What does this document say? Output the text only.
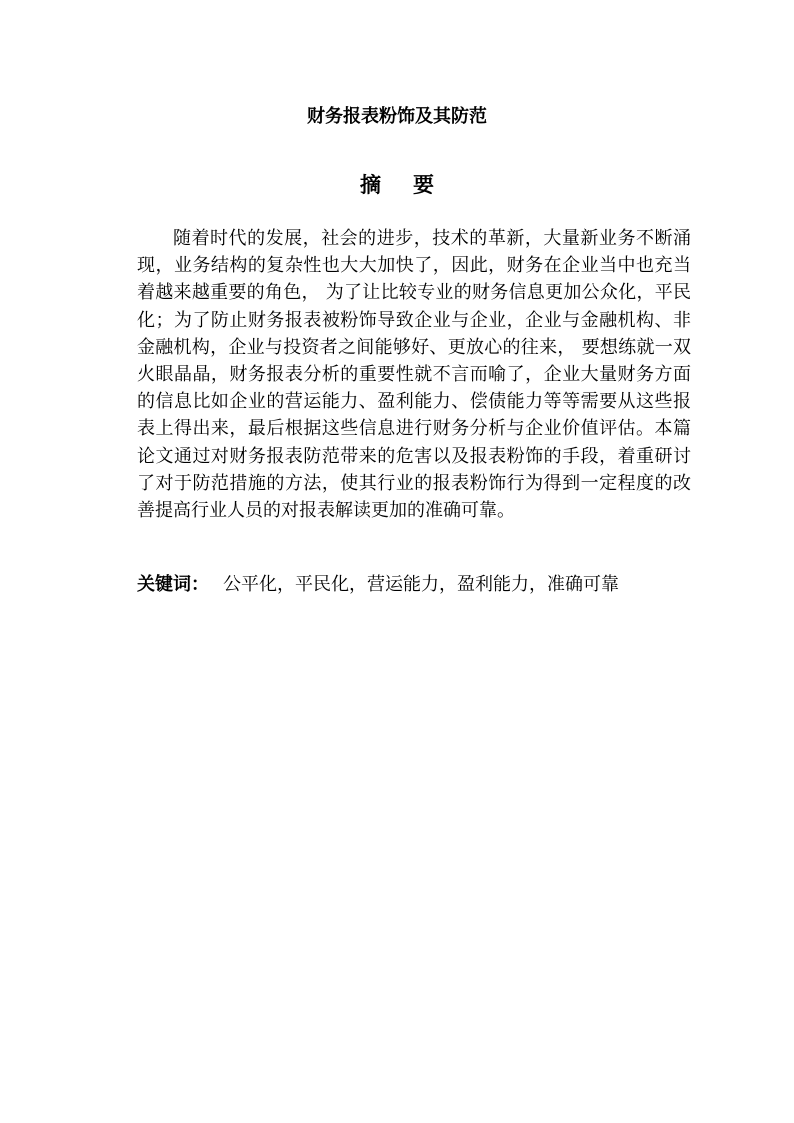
财务报表粉饰及其防范
摘要

随着时代的发展，社会的进步，技术的革新，大量新业务不断涌现，业务结构的复杂性也大大加快了，因此，财务在企业当中也充当着越来越重要的角色， 为了让比较专业的财务信息更加公众化，平民化；为了防止财务报表被粉饰导致企业与企业，企业与金融机构、非金融机构，企业与投资者之间能够好、更放心的往来， 要想练就一双火眼晶晶，财务报表分析的重要性就不言而喻了，企业大量财务方面的信息比如企业的营运能力、盈利能力、偿债能力等等需要从这些报表上得出来，最后根据这些信息进行财务分析与企业价值评估。本篇论文通过对财务报表防范带来的危害以及报表粉饰的手段，着重研讨了对于防范措施的方法，使其行业的报表粉饰行为得到一定程度的改善提高行业人员的对报表解读更加的准确可靠。

关键词： 公平化，平民化，营运能力，盈利能力，准确可靠
